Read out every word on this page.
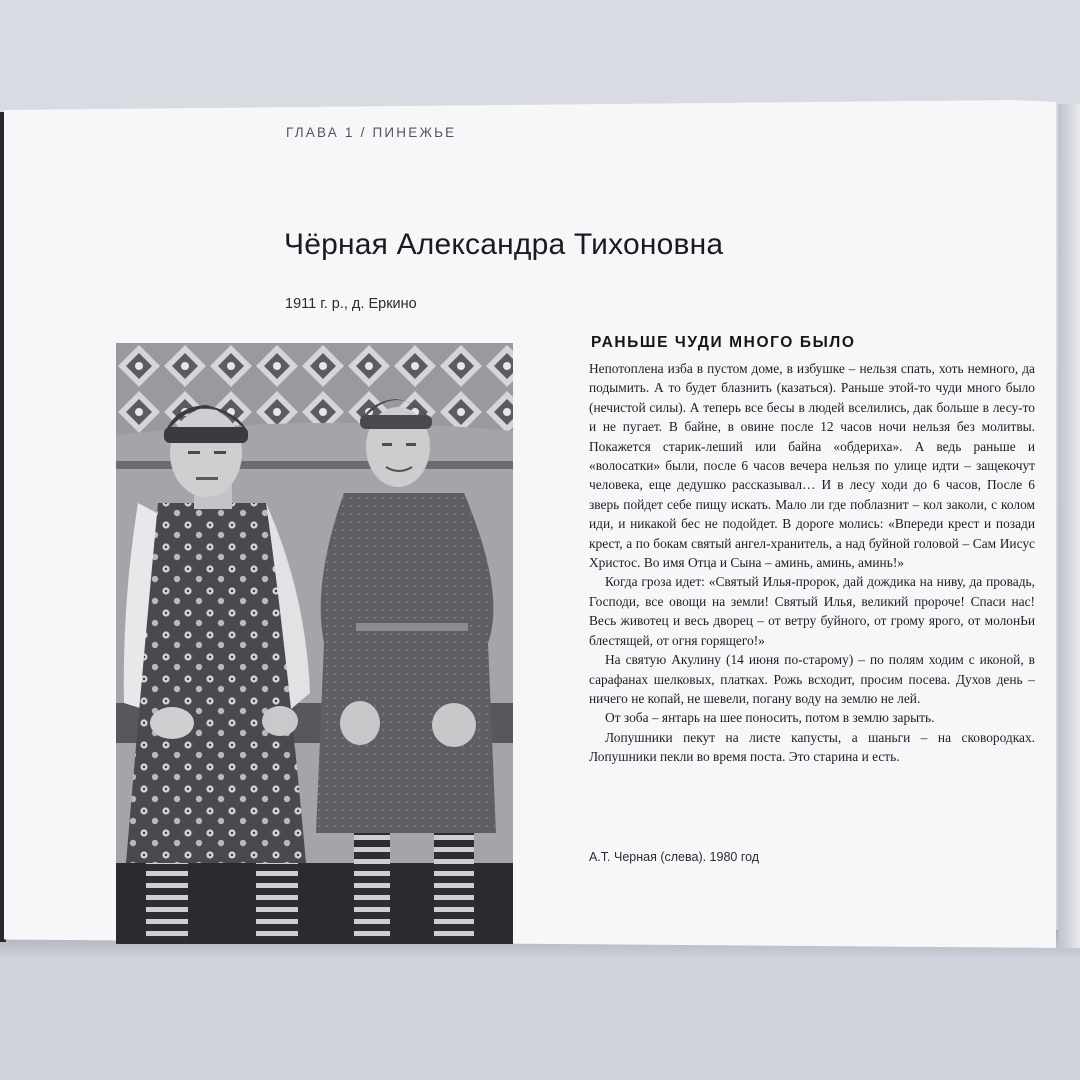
ГЛАВА 1 / ПИНЕЖЬЕ
Чёрная Александра Тихоновна
1911 г. р., д. Еркино
РАНЬШЕ ЧУДИ МНОГО БЫЛО

Непотоплена изба в пустом доме, в избушке – нельзя спать, хоть немного, да подымить. А то будет блазнить (казаться). Раньше этой-то чуди много было (нечистой силы). А теперь все бесы в людей вселились, дак больше в лесу-то и не пугает. В байне, в овине после 12 часов ночи нельзя без молитвы. Покажется старик-леший или байна «обдериха». А ведь раньше и «волосатки» были, после 6 часов вечера нельзя по улице идти – защекочут человека, еще дедушко рассказывал… И в лесу ходи до 6 часов, После 6 зверь пойдет себе пищу искать. Мало ли где поблазнит – кол заколи, с колом иди, и никакой бес не подойдет. В дороге молись: «Впереди крест и позади крест, а по бокам святый ангел-хранитель, а над буйной головой – Сам Иисус Христос. Во имя Отца и Сына – аминь, аминь, аминь!»

Когда гроза идет: «Святый Илья-пророк, дай дождика на ниву, да провадь, Господи, все овощи на земли! Святый Илья, великий пророче! Спаси нас! Весь животец и весь дворец – от ветру буйного, от грому ярого, от молонЬи блестящей, от огня горящего!»

На святую Акулину (14 июня по-старому) – по полям ходим с иконой, в сарафанах шелковых, платках. Рожь всходит, просим посева. Духов день – ничего не копай, не шевели, погану воду на землю не лей.

От зоба – янтарь на шее поносить, потом в землю зарыть.

Лопушники пекут на листе капусты, а шаньги – на сковородках. Лопушники пекли во время поста. Это старина и есть.

А.Т. Черная (слева). 1980 год
